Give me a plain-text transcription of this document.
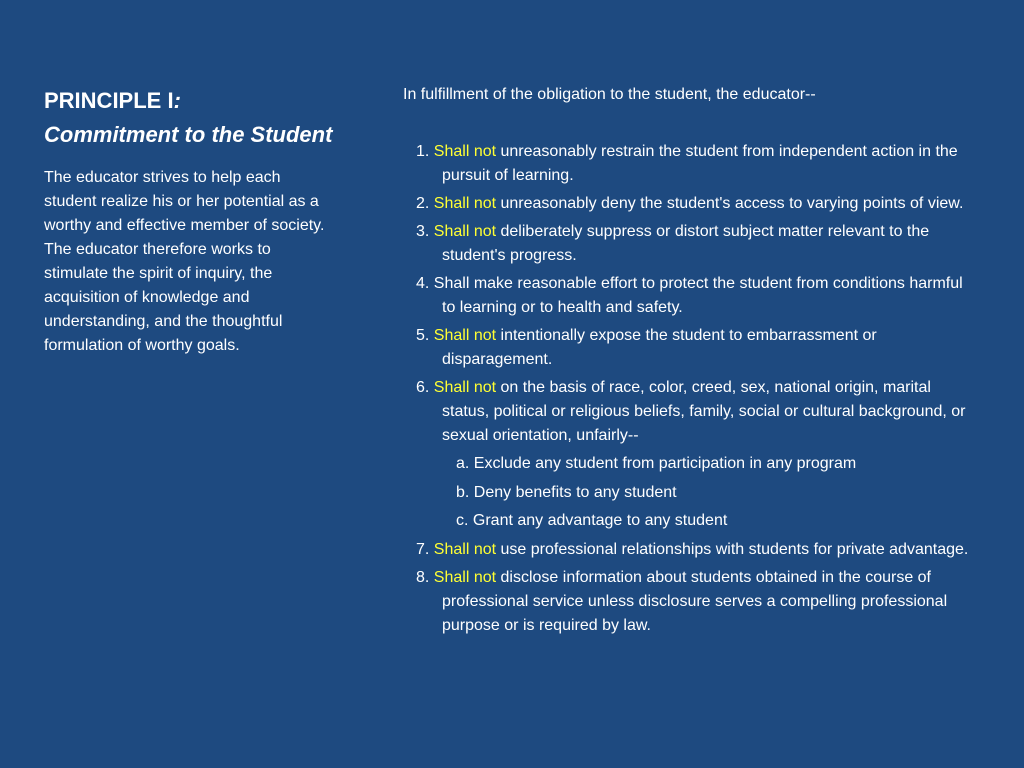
PRINCIPLE I:
Commitment to the Student

The educator strives to help each student realize his or her potential as a worthy and effective member of society. The educator therefore works to stimulate the spirit of inquiry, the acquisition of knowledge and understanding, and the thoughtful formulation of worthy goals.

In fulfillment of the obligation to the student, the educator--

1. Shall not unreasonably restrain the student from independent action in the pursuit of learning.
2. Shall not unreasonably deny the student's access to varying points of view.
3. Shall not deliberately suppress or distort subject matter relevant to the student's progress.
4. Shall make reasonable effort to protect the student from conditions harmful to learning or to health and safety.
5. Shall not intentionally expose the student to embarrassment or disparagement.
6. Shall not on the basis of race, color, creed, sex, national origin, marital status, political or religious beliefs, family, social or cultural background, or sexual orientation, unfairly--
a. Exclude any student from participation in any program
b. Deny benefits to any student
c. Grant any advantage to any student
7. Shall not use professional relationships with students for private advantage.
8. Shall not disclose information about students obtained in the course of professional service unless disclosure serves a compelling professional purpose or is required by law.
